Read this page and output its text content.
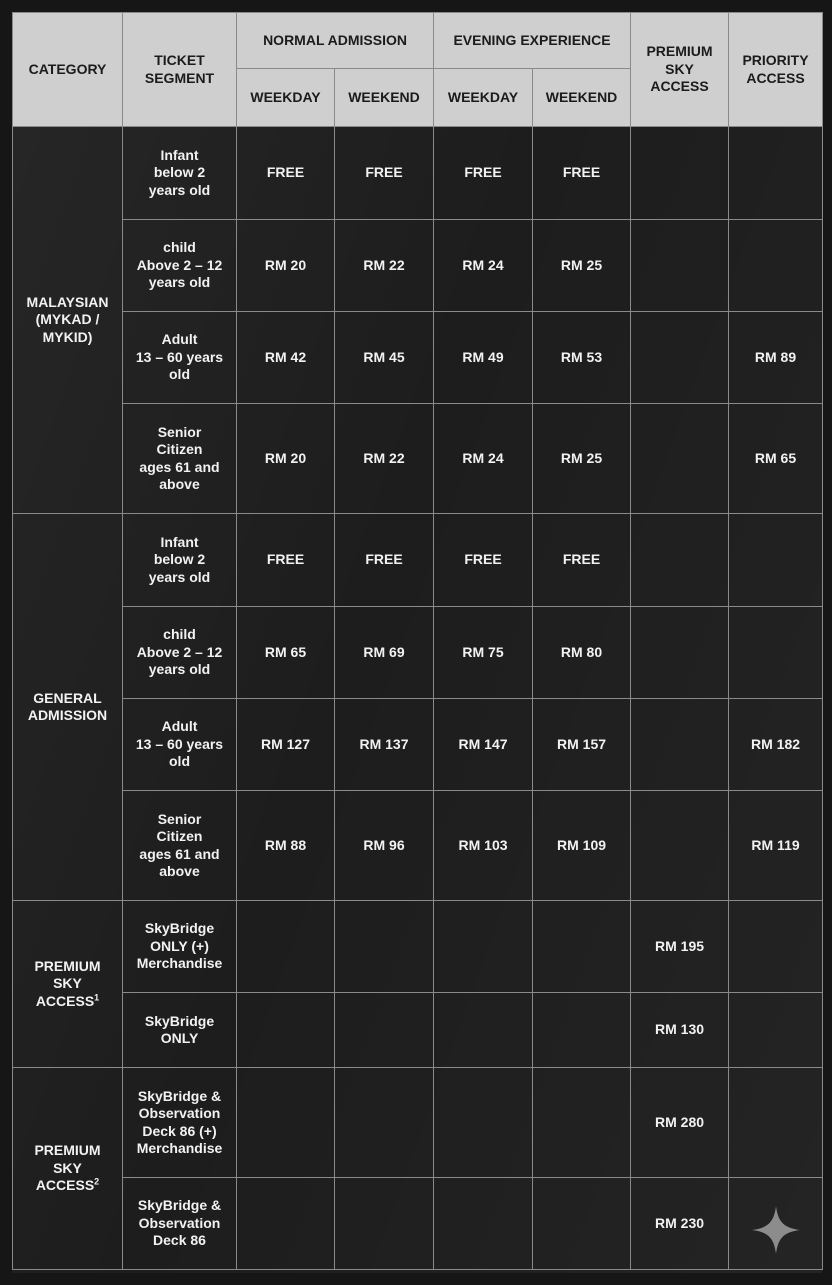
CATEGORY	TICKET
SEGMENT	NORMAL ADMISSION		EVENING EXPERIENCE		PREMIUM
SKY
ACCESS	PRIORITY
ACCESS
		WEEKDAY	WEEKEND	WEEKDAY	WEEKEND		
MALAYSIAN
(MYKAD /
MYKID)	Infant
below 2
years old	FREE	FREE	FREE	FREE		
	child
Above 2 – 12
years old	RM 20	RM 22	RM 24	RM 25		
	Adult
13 – 60 years
old	RM 42	RM 45	RM 49	RM 53		RM 89
	Senior
Citizen
ages 61 and
above	RM 20	RM 22	RM 24	RM 25		RM 65
GENERAL
ADMISSION	Infant
below 2
years old	FREE	FREE	FREE	FREE		
	child
Above 2 – 12
years old	RM 65	RM 69	RM 75	RM 80		
	Adult
13 – 60 years
old	RM 127	RM 137	RM 147	RM 157		RM 182
	Senior
Citizen
ages 61 and
above	RM 88	RM 96	RM 103	RM 109		RM 119
PREMIUM
SKY
ACCESS$^1$	SkyBridge
ONLY (+)
Merchandise					RM 195	
	SkyBridge
ONLY					RM 130	
PREMIUM
SKY
ACCESS$^2$	SkyBridge &
Observation
Deck 86 (+)
Merchandise					RM 280	
	SkyBridge &
Observation
Deck 86					RM 230	
